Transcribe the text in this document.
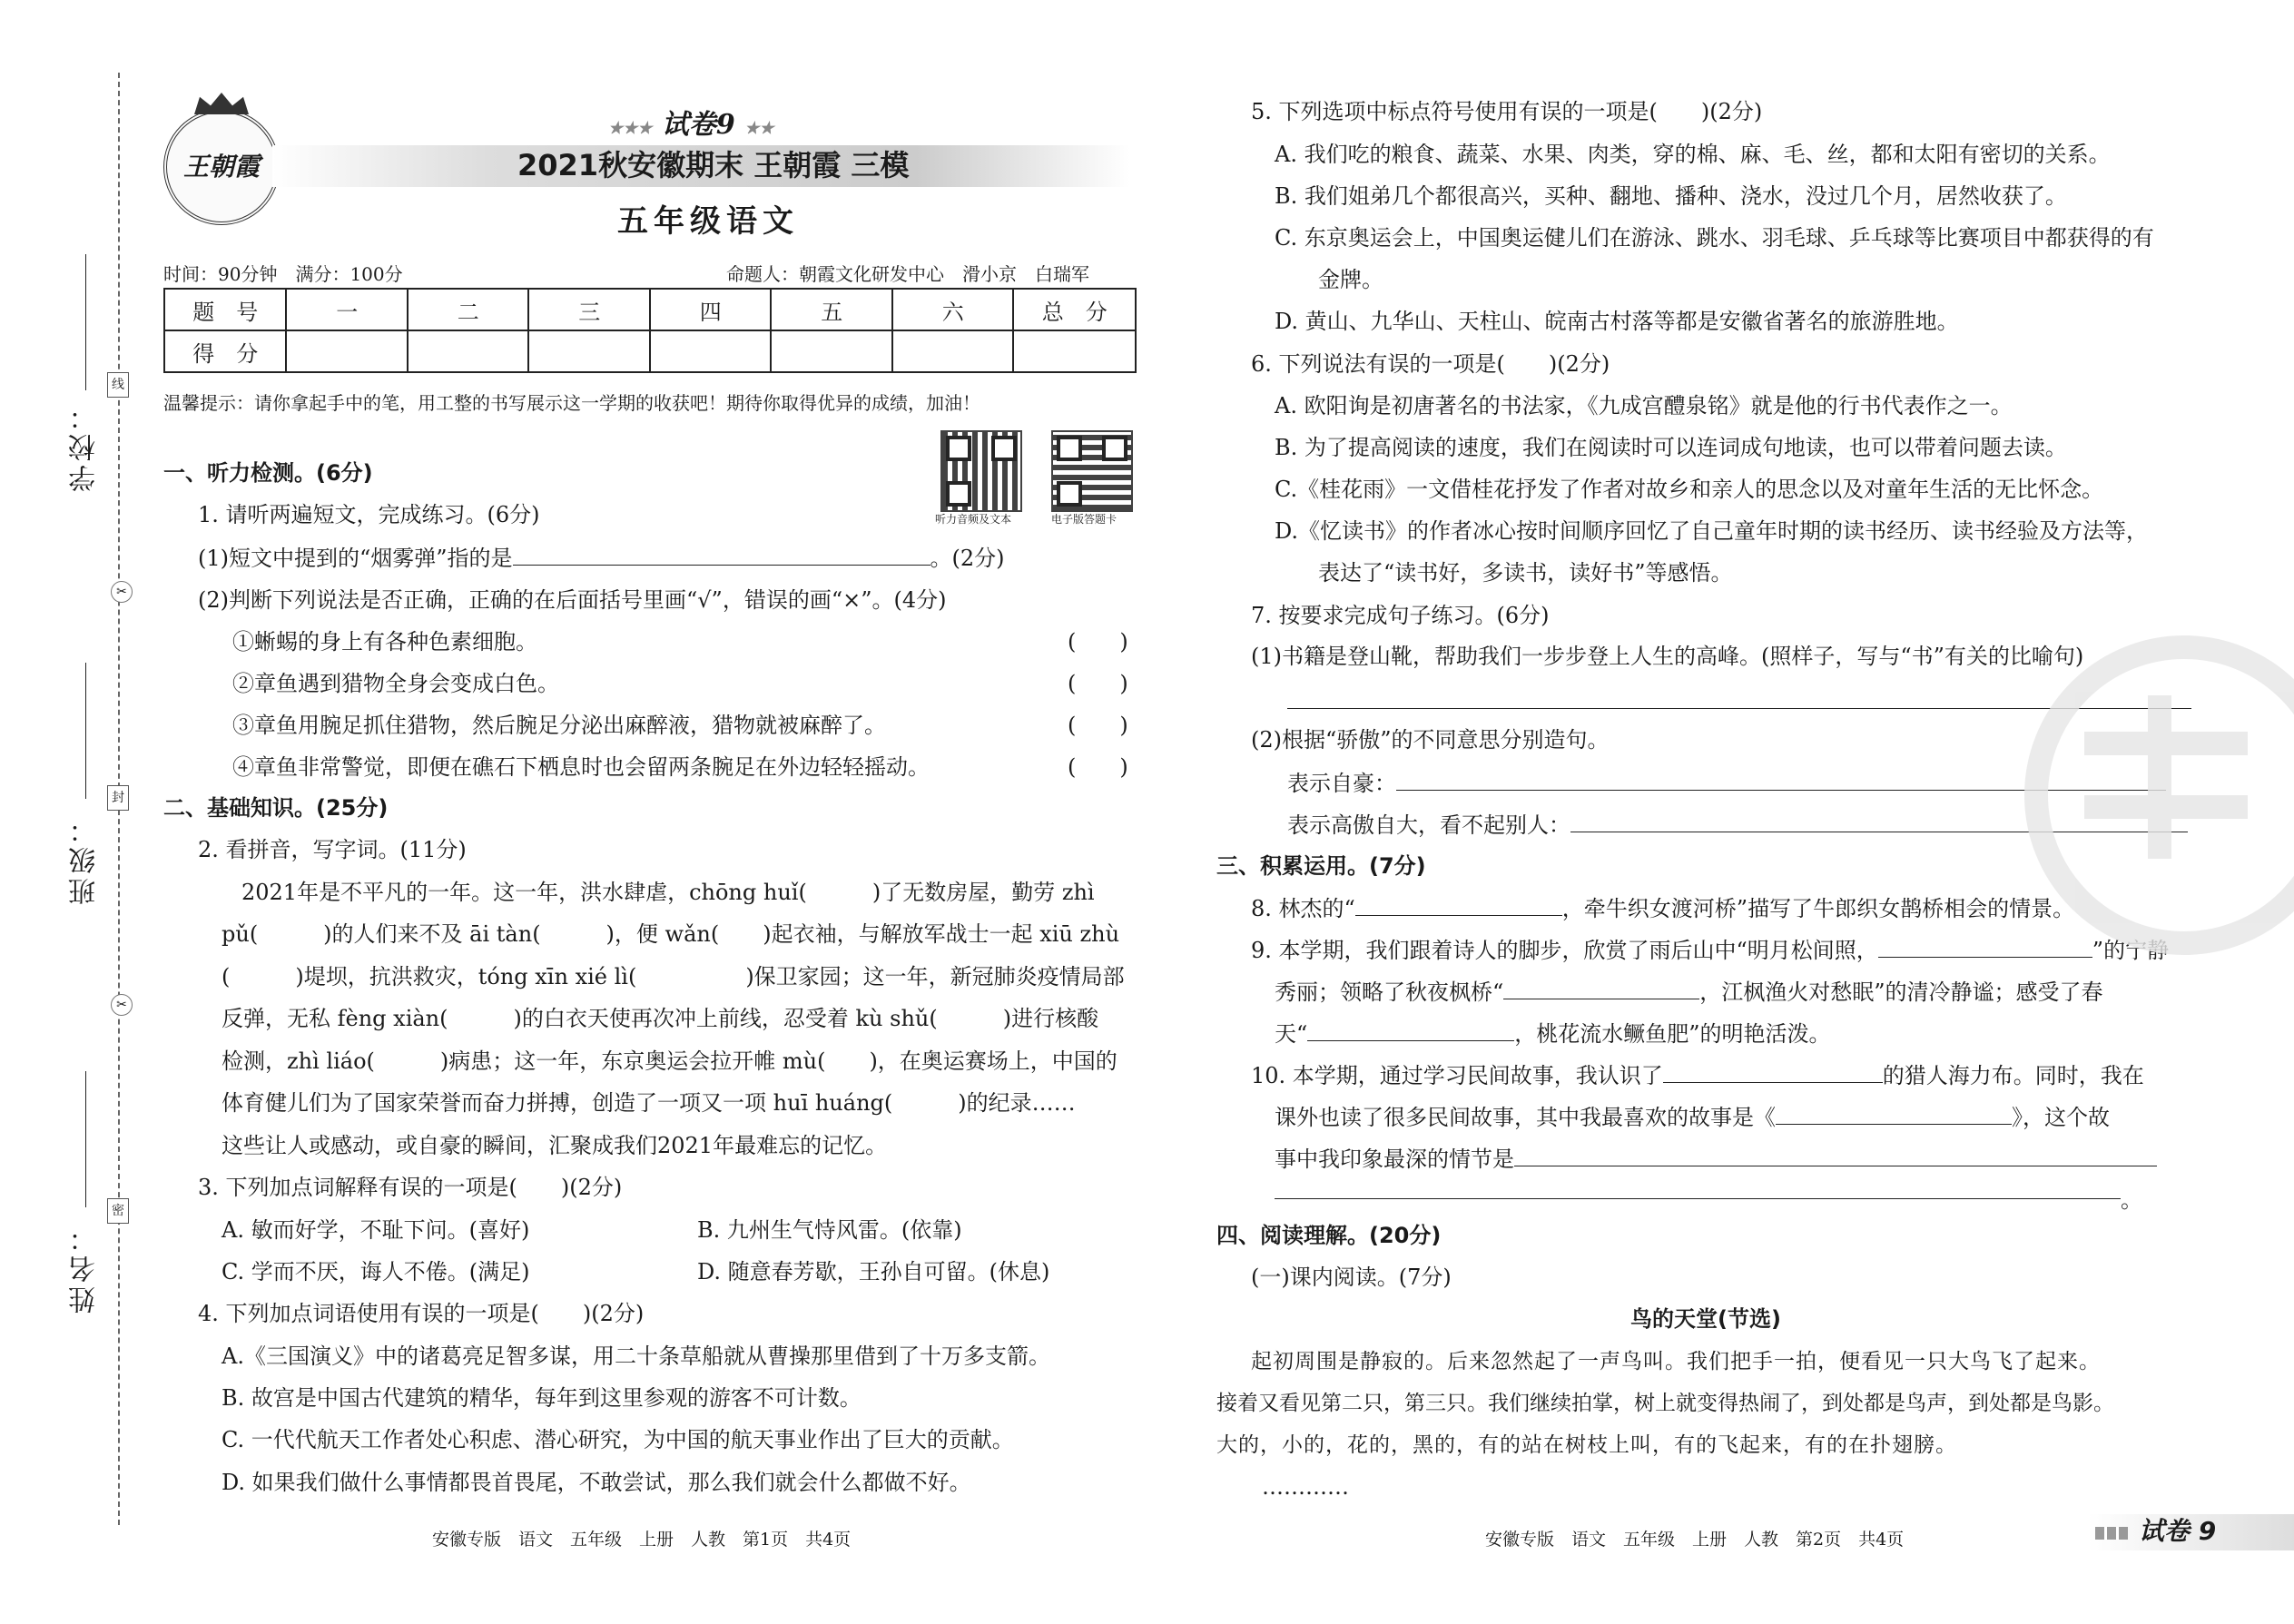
线
✂
封
✂
密
学校：
班级：
姓名：
王朝霞
★★★ 试卷9 ★★
2021秋安徽期末 王朝霞 三模
五年级语文
时间：90分钟　满分：100分	命题人：朝霞文化研发中心　滑小京　白瑞军
题　号	一	二	三	四	五	六	总　分
得　分							
温馨提示：请你拿起手中的笔，用工整的书写展示这一学期的收获吧！期待你取得优异的成绩，加油！
听力音频及文本	电子版答题卡
一、听力检测。(6分)
1. 请听两遍短文，完成练习。(6分)
(1)短文中提到的“烟雾弹”指的是	。(2分)
(2)判断下列说法是否正确，正确的在后面括号里画“√”，错误的画“×”。(4分)
①蜥蜴的身上有各种色素细胞。	(　　)
②章鱼遇到猎物全身会变成白色。	(　　)
③章鱼用腕足抓住猎物，然后腕足分泌出麻醉液，猎物就被麻醉了。	(　　)
④章鱼非常警觉，即便在礁石下栖息时也会留两条腕足在外边轻轻摇动。	(　　)
二、基础知识。(25分)
2. 看拼音，写字词。(11分)
　　2021年是不平凡的一年。这一年，洪水肆虐，chōng huǐ(　　　)了无数房屋，勤劳 zhì
pǔ(　　　)的人们来不及 āi tàn(　　　)，便 wǎn(　　)起衣袖，与解放军战士一起 xiū zhù
(　　　)堤坝，抗洪救灾，tóng xīn xié lì(　　　　　)保卫家园；这一年，新冠肺炎疫情局部
反弹，无私 fèng xiàn(　　　)的白衣天使再次冲上前线，忍受着 kù shǔ(　　　)进行核酸
检测，zhì liáo(　　　)病患；这一年，东京奥运会拉开帷 mù(　　)，在奥运赛场上，中国的
体育健儿们为了国家荣誉而奋力拼搏，创造了一项又一项 huī huáng(　　　)的纪录……
这些让人或感动，或自豪的瞬间，汇聚成我们2021年最难忘的记忆。
3. 下列加点词解释有误的一项是(　　)(2分)
A. 敏而好学，不耻下问。(喜好)	B. 九州生气恃风雷。(依靠)
C. 学而不厌，诲人不倦。(满足)	D. 随意春芳歇，王孙自可留。(休息)
4. 下列加点词语使用有误的一项是(　　)(2分)
A.《三国演义》中的诸葛亮足智多谋，用二十条草船就从曹操那里借到了十万多支箭。
B. 故宫是中国古代建筑的精华，每年到这里参观的游客不可计数。
C. 一代代航天工作者处心积虑、潜心研究，为中国的航天事业作出了巨大的贡献。
D. 如果我们做什么事情都畏首畏尾，不敢尝试，那么我们就会什么都做不好。
安徽专版　语文　五年级　上册　人教　第1页　共4页
5. 下列选项中标点符号使用有误的一项是(　　)(2分)
A. 我们吃的粮食、蔬菜、水果、肉类，穿的棉、麻、毛、丝，都和太阳有密切的关系。
B. 我们姐弟几个都很高兴，买种、翻地、播种、浇水，没过几个月，居然收获了。
C. 东京奥运会上，中国奥运健儿们在游泳、跳水、羽毛球、乒乓球等比赛项目中都获得的有
　　金牌。
D. 黄山、九华山、天柱山、皖南古村落等都是安徽省著名的旅游胜地。
6. 下列说法有误的一项是(　　)(2分)
A. 欧阳询是初唐著名的书法家，《九成宫醴泉铭》就是他的行书代表作之一。
B. 为了提高阅读的速度，我们在阅读时可以连词成句地读，也可以带着问题去读。
C.《桂花雨》一文借桂花抒发了作者对故乡和亲人的思念以及对童年生活的无比怀念。
D.《忆读书》的作者冰心按时间顺序回忆了自己童年时期的读书经历、读书经验及方法等，
　　表达了“读书好，多读书，读好书”等感悟。
7. 按要求完成句子练习。(6分)
(1)书籍是登山靴，帮助我们一步步登上人生的高峰。(照样子，写与“书”有关的比喻句)
(2)根据“骄傲”的不同意思分别造句。
表示自豪：
表示高傲自大，看不起别人：
三、积累运用。(7分)
8. 林杰的“	，牵牛织女渡河桥”描写了牛郎织女鹊桥相会的情景。
9. 本学期，我们跟着诗人的脚步，欣赏了雨后山中“明月松间照，	”的宁静
秀丽；领略了秋夜枫桥“	，江枫渔火对愁眠”的清冷静谧；感受了春
天“	，桃花流水鳜鱼肥”的明艳活泼。
10. 本学期，通过学习民间故事，我认识了	的猎人海力布。同时，我在
课外也读了很多民间故事，其中我最喜欢的故事是《	》，这个故
事中我印象最深的情节是
。
四、阅读理解。(20分)
(一)课内阅读。(7分)
鸟的天堂(节选)
起初周围是静寂的。后来忽然起了一声鸟叫。我们把手一拍，便看见一只大鸟飞了起来。
接着又看见第二只，第三只。我们继续拍掌，树上就变得热闹了，到处都是鸟声，到处都是鸟影。
大的，小的，花的，黑的，有的站在树枝上叫，有的飞起来，有的在扑翅膀。
…………
安徽专版　语文　五年级　上册　人教　第2页　共4页	试卷 9
